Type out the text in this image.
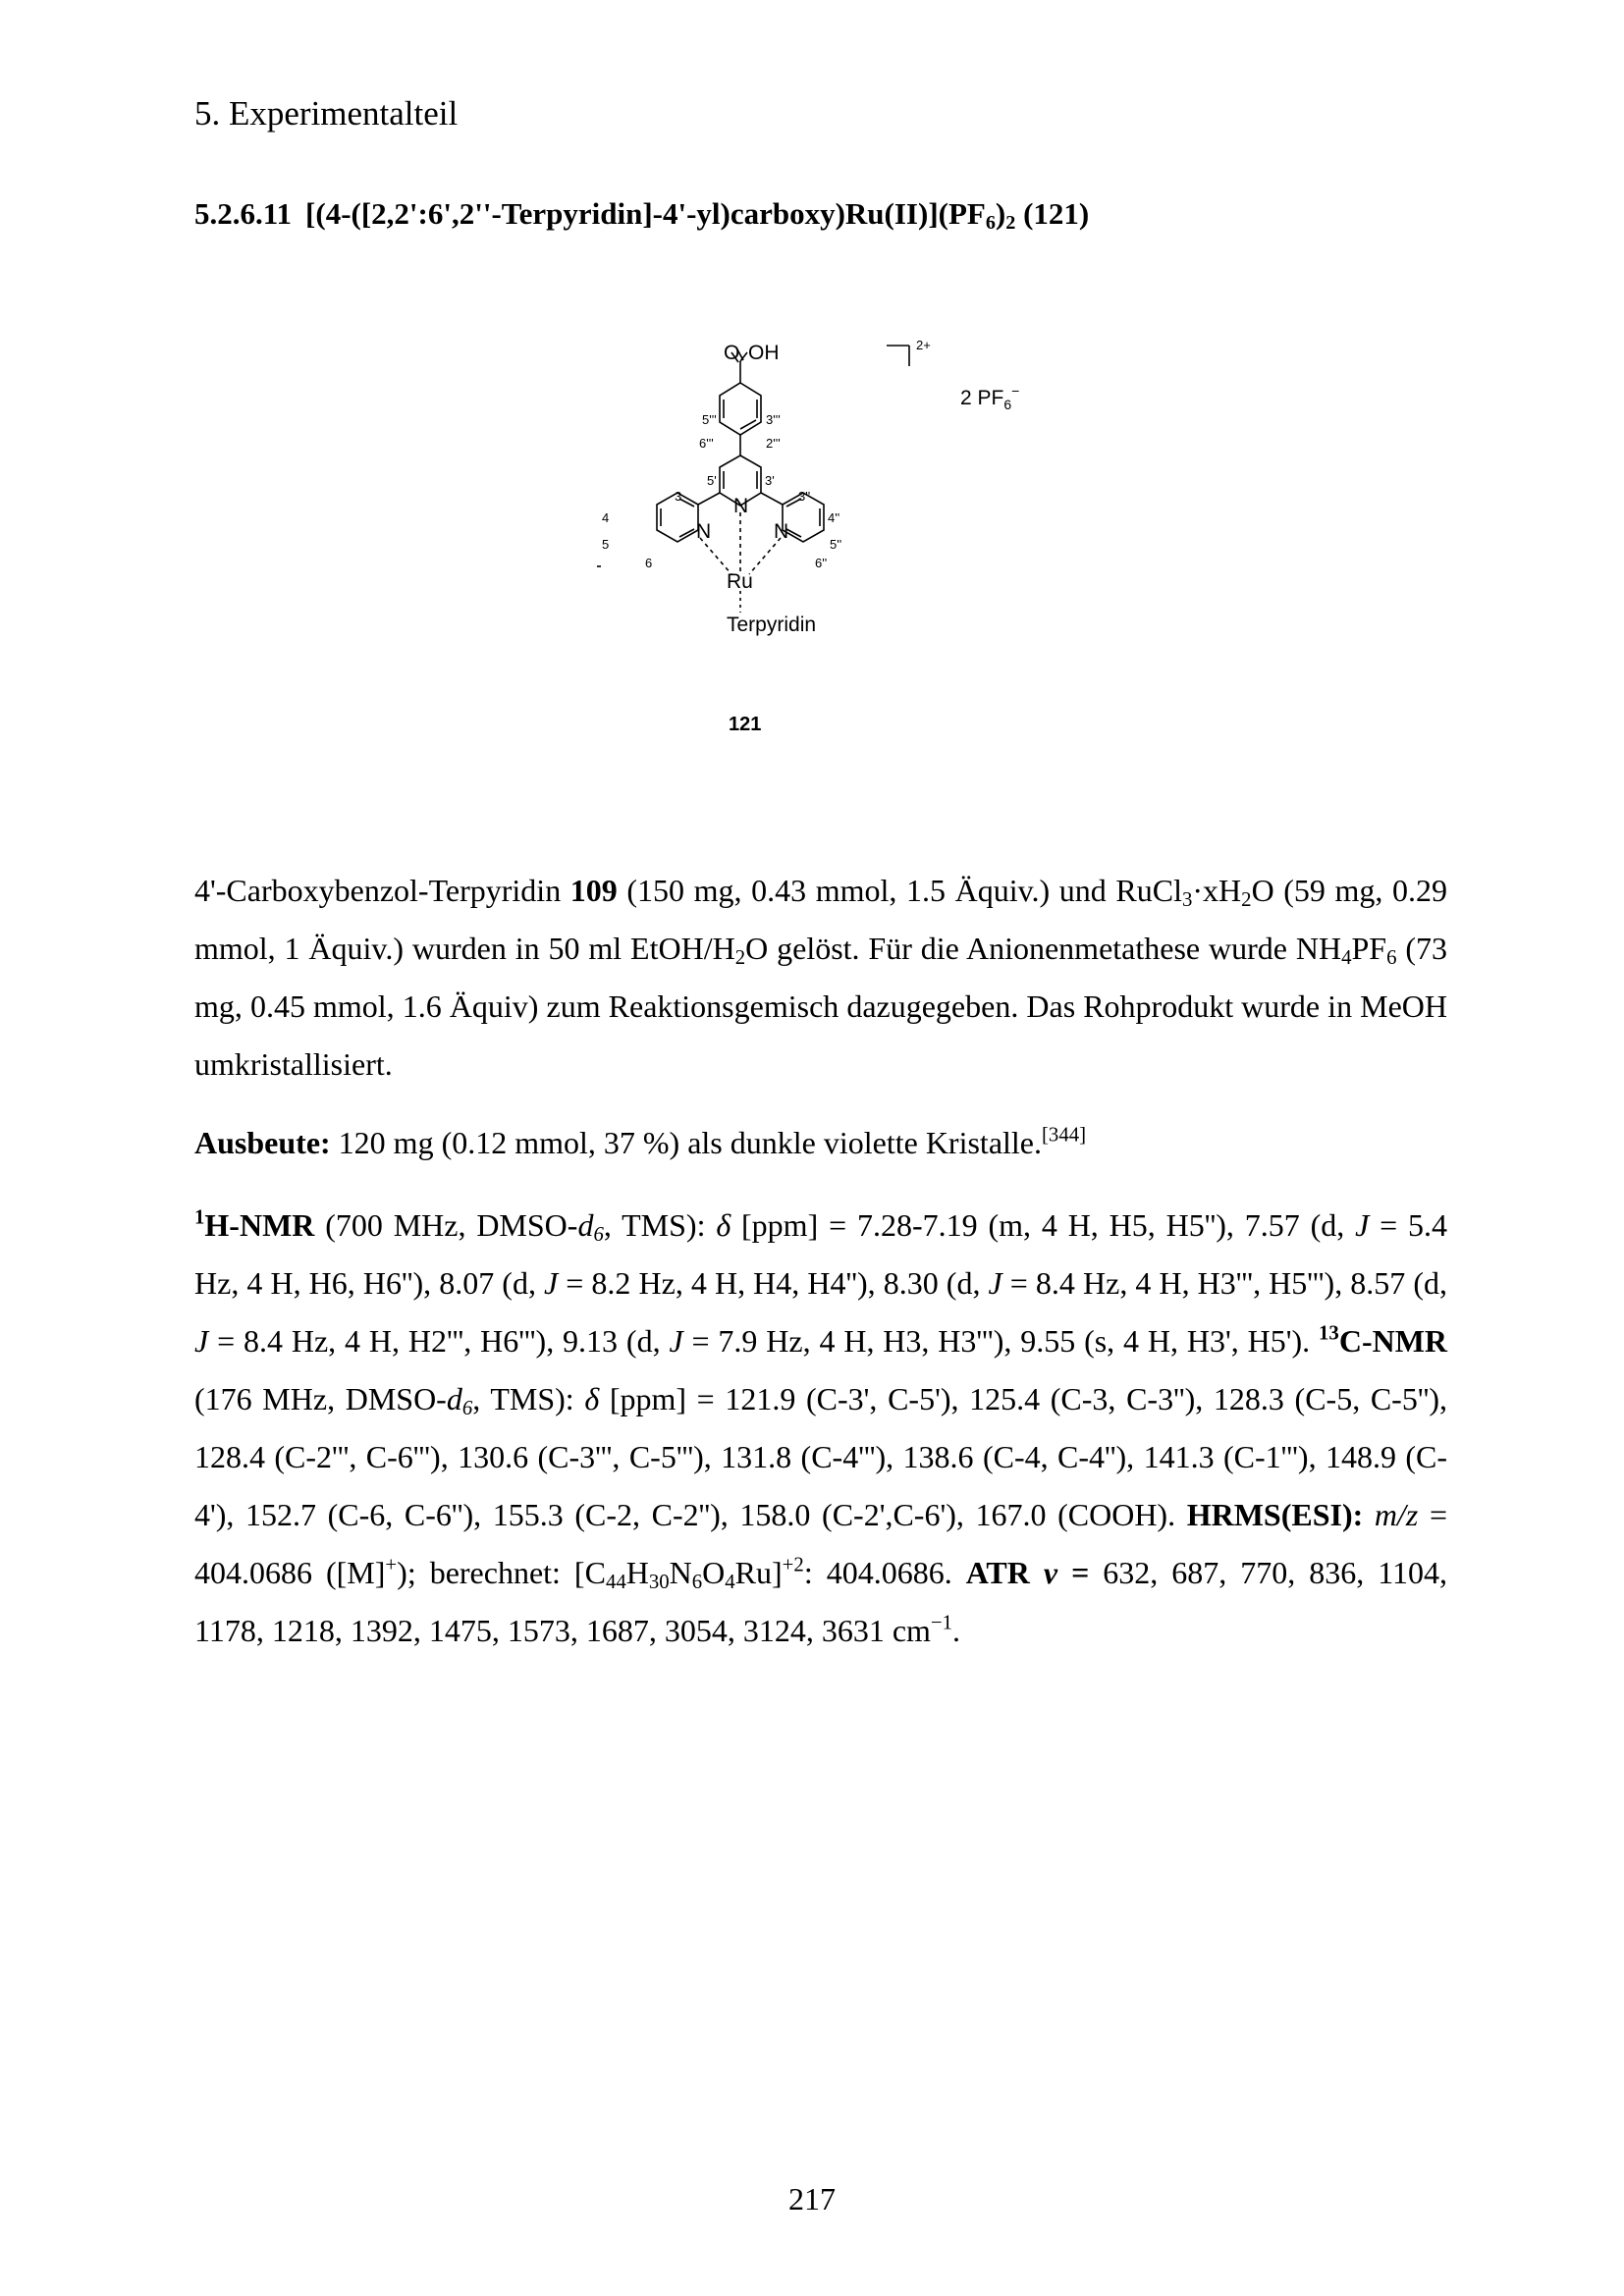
5. Experimentalteil
5.2.6.11 $[(4-([2,2':6',2''-Terpyridin]-4'-yl)carboxy)Ru(II)](PF_6)_2$ (121)
O OH
N
N	N
Ru
Terpyridin
2 $PF_6^-$
2+
5'''	3'''
6'''	2'''
5'	3'
3	3''
4	4''
5	5''
6	6''
121
4'-Carboxybenzol-Terpyridin 109 (150 mg, 0.43 mmol, 1.5 Äquiv.) und $RuCl_3\cdot xH_2O$ (59 mg, 0.29 mmol, 1 Äquiv.) wurden in 50 ml EtOH/$H_2O$ gelöst. Für die Anionenmetathese wurde $NH_4PF_6$ (73 mg, 0.45 mmol, 1.6 Äquiv) zum Reaktionsgemisch dazugegeben. Das Rohprodukt wurde in MeOH umkristallisiert.
Ausbeute: 120 mg (0.12 mmol, 37 %) als dunkle violette Kristalle.[344]
$^1$H-NMR (700 MHz, DMSO-$d_6$, TMS): δ [ppm] = 7.28-7.19 (m, 4 H, H5, H5''), 7.57 (d, J = 5.4 Hz, 4 H, H6, H6''), 8.07 (d, J = 8.2 Hz, 4 H, H4, H4''), 8.30 (d, J = 8.4 Hz, 4 H, H3''', H5'''), 8.57 (d, J = 8.4 Hz, 4 H, H2''', H6'''), 9.13 (d, J = 7.9 Hz, 4 H, H3, H3'''), 9.55 (s, 4 H, H3', H5'). $^{13}$C-NMR (176 MHz, DMSO-$d_6$, TMS): δ [ppm] = 121.9 (C-3', C-5'), 125.4 (C-3, C-3''), 128.3 (C-5, C-5''), 128.4 (C-2''', C-6'''), 130.6 (C-3''', C-5'''), 131.8 (C-4'''), 138.6 (C-4, C-4''), 141.3 (C-1'''), 148.9 (C-4'), 152.7 (C-6, C-6''), 155.3 (C-2, C-2''), 158.0 (C-2',C-6'), 167.0 (COOH). HRMS(ESI): m/z = 404.0686 ([M]+); berechnet: $[C_{44}H_{30}N_6O_4Ru]^{+2}$: 404.0686. ATR ν = 632, 687, 770, 836, 1104, 1178, 1218, 1392, 1475, 1573, 1687, 3054, 3124, 3631 $cm^{-1}$.
217
